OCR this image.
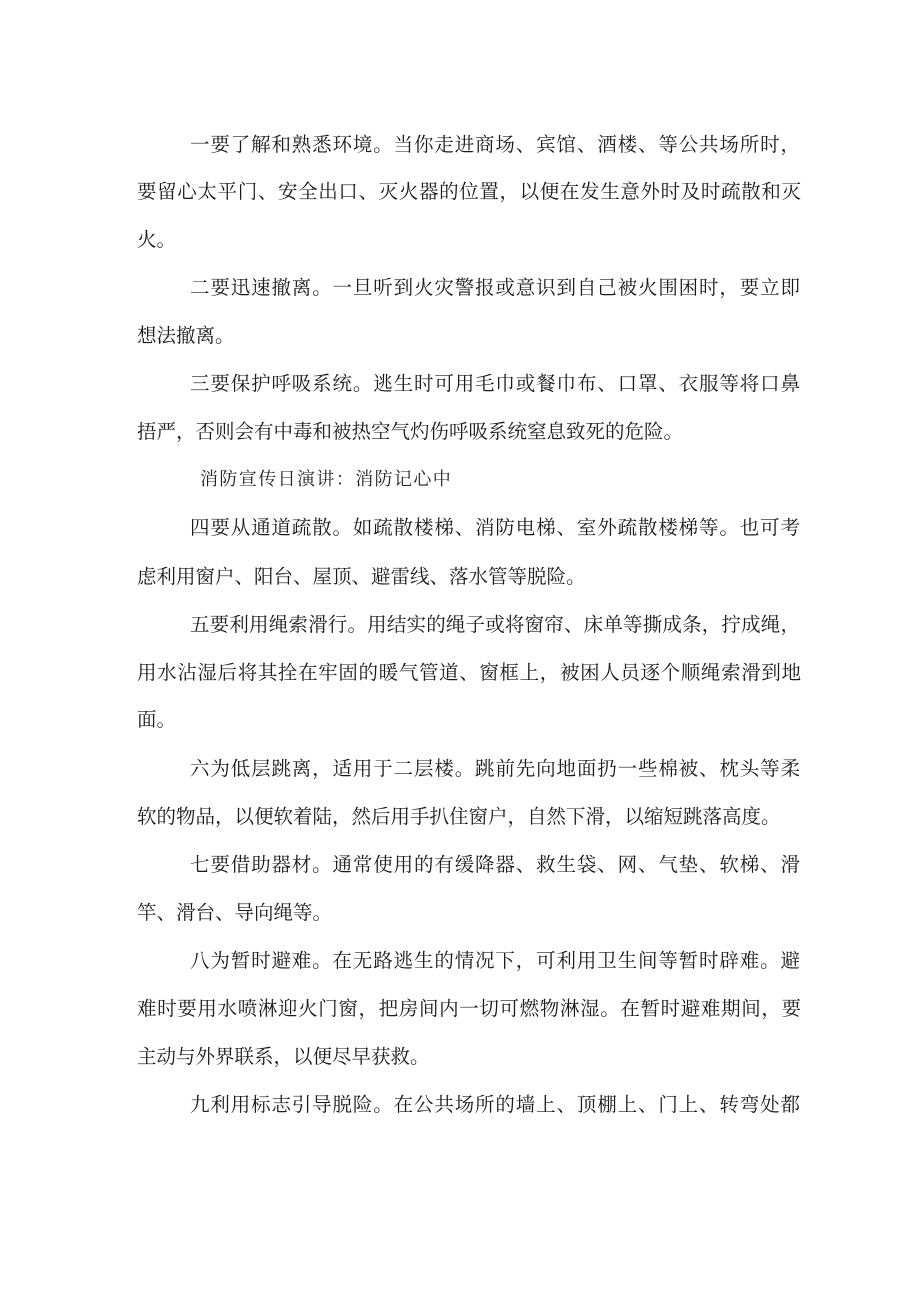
一要了解和熟悉环境。当你走进商场、宾馆、酒楼、等公共场所时，
要留心太平门、安全出口、灭火器的位置，以便在发生意外时及时疏散和灭
火。
二要迅速撤离。一旦听到火灾警报或意识到自己被火围困时，要立即
想法撤离。
三要保护呼吸系统。逃生时可用毛巾或餐巾布、口罩、衣服等将口鼻
捂严，否则会有中毒和被热空气灼伤呼吸系统窒息致死的危险。
消防宣传日演讲：消防记心中
四要从通道疏散。如疏散楼梯、消防电梯、室外疏散楼梯等。也可考
虑利用窗户、阳台、屋顶、避雷线、落水管等脱险。
五要利用绳索滑行。用结实的绳子或将窗帘、床单等撕成条，拧成绳，
用水沾湿后将其拴在牢固的暖气管道、窗框上，被困人员逐个顺绳索滑到地
面。
六为低层跳离，适用于二层楼。跳前先向地面扔一些棉被、枕头等柔
软的物品，以便软着陆，然后用手扒住窗户，自然下滑，以缩短跳落高度。
七要借助器材。通常使用的有缓降器、救生袋、网、气垫、软梯、滑
竿、滑台、导向绳等。
八为暂时避难。在无路逃生的情况下，可利用卫生间等暂时辟难。避
难时要用水喷淋迎火门窗，把房间内一切可燃物淋湿。在暂时避难期间，要
主动与外界联系，以便尽早获救。
九利用标志引导脱险。在公共场所的墙上、顶棚上、门上、转弯处都
